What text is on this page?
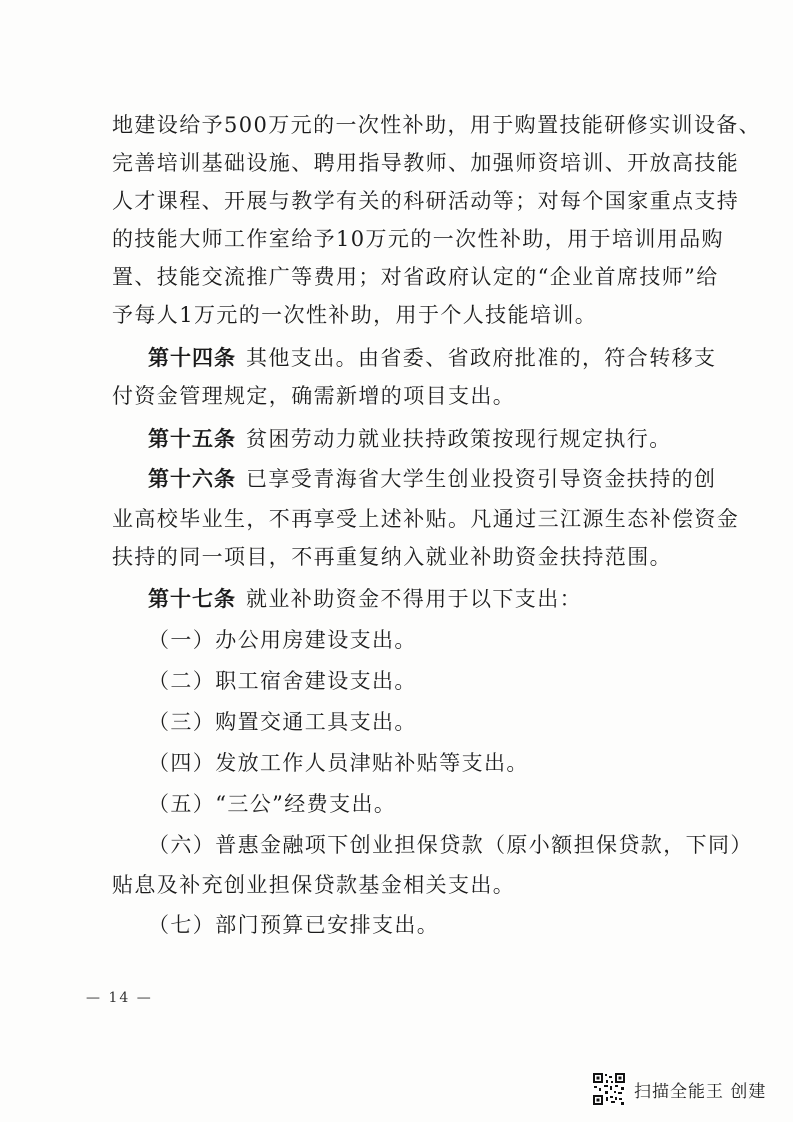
地建设给予500万元的一次性补助，用于购置技能研修实训设备、
完善培训基础设施、聘用指导教师、加强师资培训、开放高技能
人才课程、开展与教学有关的科研活动等；对每个国家重点支持
的技能大师工作室给予10万元的一次性补助，用于培训用品购
置、技能交流推广等费用；对省政府认定的“企业首席技师”给
予每人1万元的一次性补助，用于个人技能培训。
第十四条 其他支出。由省委、省政府批准的，符合转移支
付资金管理规定，确需新增的项目支出。
第十五条 贫困劳动力就业扶持政策按现行规定执行。
第十六条 已享受青海省大学生创业投资引导资金扶持的创
业高校毕业生，不再享受上述补贴。凡通过三江源生态补偿资金
扶持的同一项目，不再重复纳入就业补助资金扶持范围。
第十七条 就业补助资金不得用于以下支出：
（一）办公用房建设支出。
（二）职工宿舍建设支出。
（三）购置交通工具支出。
（四）发放工作人员津贴补贴等支出。
（五）“三公”经费支出。
（六）普惠金融项下创业担保贷款（原小额担保贷款，下同）
贴息及补充创业担保贷款基金相关支出。
（七）部门预算已安排支出。
— 14 —
扫描全能王 创建
